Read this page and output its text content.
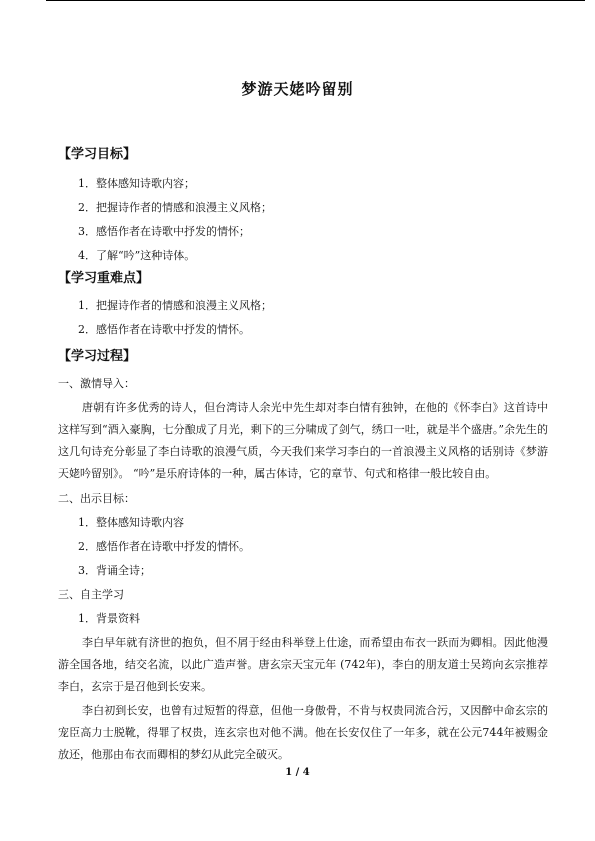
梦游天姥吟留别
【学习目标】
1．整体感知诗歌内容；
2．把握诗作者的情感和浪漫主义风格；
3．感悟作者在诗歌中抒发的情怀；
4．了解“吟”这种诗体。
【学习重难点】
1．把握诗作者的情感和浪漫主义风格；
2．感悟作者在诗歌中抒发的情怀。
【学习过程】
一、激情导入：
唐朝有许多优秀的诗人，但台湾诗人余光中先生却对李白情有独钟，在他的《怀李白》这首诗中这样写到“酒入豪胸，七分酿成了月光，剩下的三分啸成了剑气，绣口一吐，就是半个盛唐。”余先生的这几句诗充分彰显了李白诗歌的浪漫气质，今天我们来学习李白的一首浪漫主义风格的话别诗《梦游天姥吟留别》。 “吟”是乐府诗体的一种，属古体诗，它的章节、句式和格律一般比较自由。
二、出示目标：
1．整体感知诗歌内容
2．感悟作者在诗歌中抒发的情怀。
3．背诵全诗；
三、自主学习
1．背景资料
李白早年就有济世的抱负，但不屑于经由科举登上仕途，而希望由布衣一跃而为卿相。因此他漫游全国各地，结交名流，以此广造声誉。唐玄宗天宝元年 (742年)，李白的朋友道士吴筠向玄宗推荐李白，玄宗于是召他到长安来。
李白初到长安，也曾有过短暂的得意，但他一身傲骨，不肯与权贵同流合污，又因醉中命玄宗的宠臣高力士脱靴，得罪了权贵，连玄宗也对他不满。他在长安仅住了一年多，就在公元744年被赐金放还，他那由布衣而卿相的梦幻从此完全破灭。
1 / 4
